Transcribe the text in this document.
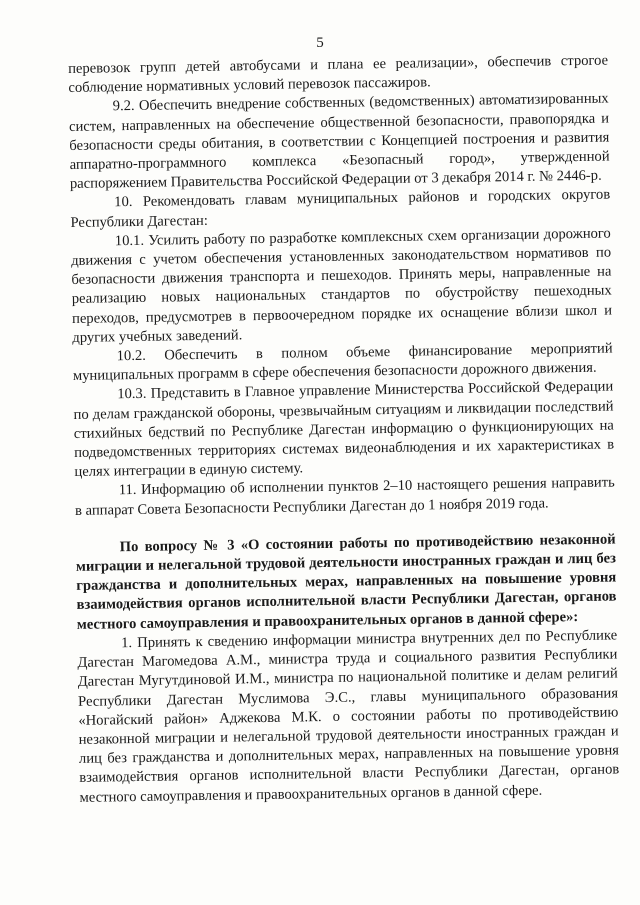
5

перевозок групп детей автобусами и плана ее реализации», обеспечив строгое соблюдение нормативных условий перевозок пассажиров.

9.2. Обеспечить внедрение собственных (ведомственных) автоматизированных систем, направленных на обеспечение общественной безопасности, правопорядка и безопасности среды обитания, в соответствии с Концепцией построения и развития аппаратно-программного комплекса «Безопасный город», утвержденной распоряжением Правительства Российской Федерации от 3 декабря 2014 г. № 2446-р.

10. Рекомендовать главам муниципальных районов и городских округов Республики Дагестан:

10.1. Усилить работу по разработке комплексных схем организации дорожного движения с учетом обеспечения установленных законодательством нормативов по безопасности движения транспорта и пешеходов. Принять меры, направленные на реализацию новых национальных стандартов по обустройству пешеходных переходов, предусмотрев в первоочередном порядке их оснащение вблизи школ и других учебных заведений.

10.2. Обеспечить в полном объеме финансирование мероприятий муниципальных программ в сфере обеспечения безопасности дорожного движения.

10.3. Представить в Главное управление Министерства Российской Федерации по делам гражданской обороны, чрезвычайным ситуациям и ликвидации последствий стихийных бедствий по Республике Дагестан информацию о функционирующих на подведомственных территориях системах видеонаблюдения и их характеристиках в целях интеграции в единую систему.

11. Информацию об исполнении пунктов 2–10 настоящего решения направить в аппарат Совета Безопасности Республики Дагестан до 1 ноября 2019 года.

По вопросу № 3 «О состоянии работы по противодействию незаконной миграции и нелегальной трудовой деятельности иностранных граждан и лиц без гражданства и дополнительных мерах, направленных на повышение уровня взаимодействия органов исполнительной власти Республики Дагестан, органов местного самоуправления и правоохранительных органов в данной сфере»:

1. Принять к сведению информации министра внутренних дел по Республике Дагестан Магомедова А.М., министра труда и социального развития Республики Дагестан Мугутдиновой И.М., министра по национальной политике и делам религий Республики Дагестан Муслимова Э.С., главы муниципального образования «Ногайский район» Аджекова М.К. о состоянии работы по противодействию незаконной миграции и нелегальной трудовой деятельности иностранных граждан и лиц без гражданства и дополнительных мерах, направленных на повышение уровня взаимодействия органов исполнительной власти Республики Дагестан, органов местного самоуправления и правоохранительных органов в данной сфере.
